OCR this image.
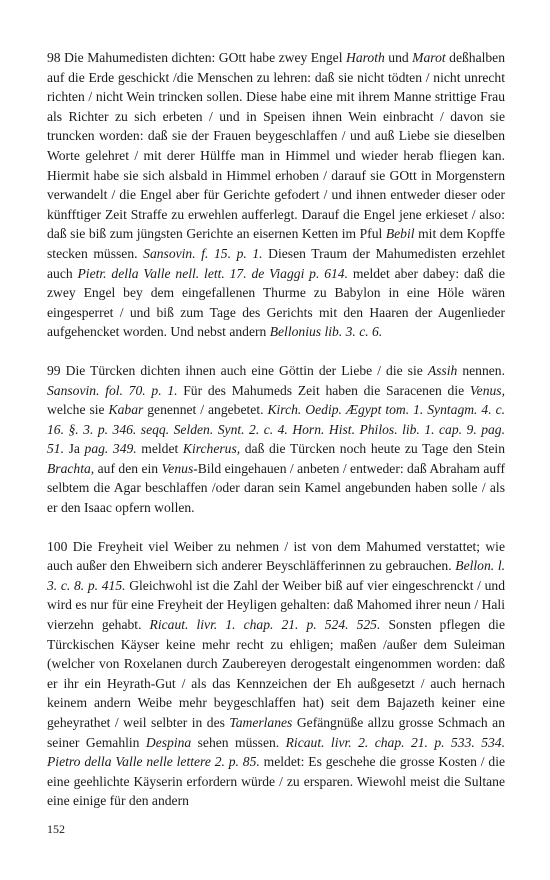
98 Die Mahumedisten dichten: GOtt habe zwey Engel Haroth und Marot deßhalben auf die Erde geschickt /die Menschen zu lehren: daß sie nicht tödten / nicht unrecht richten / nicht Wein trincken sollen. Diese habe eine mit ihrem Manne strittige Frau als Richter zu sich erbeten / und in Speisen ihnen Wein einbracht / davon sie truncken worden: daß sie der Frauen beygeschlaffen / und auß Liebe sie dieselben Worte gelehret / mit derer Hülffe man in Himmel und wieder herab fliegen kan. Hiermit habe sie sich alsbald in Himmel erhoben / darauf sie GOtt in Morgenstern verwandelt / die Engel aber für Gerichte gefodert / und ihnen entweder dieser oder künfftiger Zeit Straffe zu erwehlen aufferlegt. Darauf die Engel jene erkieset / also: daß sie biß zum jüngsten Gerichte an eisernen Ketten im Pful Bebil mit dem Kopffe stecken müssen. Sansovin. f. 15. p. 1. Diesen Traum der Mahumedisten erzehlet auch Pietr. della Valle nell. lett. 17. de Viaggi p. 614. meldet aber dabey: daß die zwey Engel bey dem eingefallenen Thurme zu Babylon in eine Höle wären eingesperret / und biß zum Tage des Gerichts mit den Haaren der Augenlieder aufgehencket worden. Und nebst andern Bellonius lib. 3. c. 6.

99 Die Türcken dichten ihnen auch eine Göttin der Liebe / die sie Assih nennen. Sansovin. fol. 70. p. 1. Für des Mahumeds Zeit haben die Saracenen die Venus, welche sie Kabar genennet / angebetet. Kirch. Oedip. Ægypt tom. 1. Syntagm. 4. c. 16. §. 3. p. 346. seqq. Selden. Synt. 2. c. 4. Horn. Hist. Philos. lib. 1. cap. 9. pag. 51. Ja pag. 349. meldet Kircherus, daß die Türcken noch heute zu Tage den Stein Brachta, auf den ein Venus-Bild eingehauen / anbeten / entweder: daß Abraham auff selbtem die Agar beschlaffen /oder daran sein Kamel angebunden haben solle / als er den Isaac opfern wollen.

100 Die Freyheit viel Weiber zu nehmen / ist von dem Mahumed verstattet; wie auch außer den Ehweibern sich anderer Beyschläfferinnen zu gebrauchen. Bellon. l. 3. c. 8. p. 415. Gleichwohl ist die Zahl der Weiber biß auf vier eingeschrenckt / und wird es nur für eine Freyheit der Heyligen gehalten: daß Mahomed ihrer neun / Hali vierzehn gehabt. Ricaut. livr. 1. chap. 21. p. 524. 525. Sonsten pflegen die Türckischen Käyser keine mehr recht zu ehligen; maßen /außer dem Suleiman (welcher von Roxelanen durch Zaubereyen derogestalt eingenommen worden: daß er ihr ein Heyrath-Gut / als das Kennzeichen der Eh außgesetzt / auch hernach keinem andern Weibe mehr beygeschlaffen hat) seit dem Bajazeth keiner eine geheyrathet / weil selbter in des Tamerlanes Gefängnüße allzu grosse Schmach an seiner Gemahlin Despina sehen müssen. Ricaut. livr. 2. chap. 21. p. 533. 534. Pietro della Valle nelle lettere 2. p. 85. meldet: Es geschehe die grosse Kosten / die eine geehlichte Käyserin erfordern würde / zu ersparen. Wiewohl meist die Sultane eine einige für den andern

152
